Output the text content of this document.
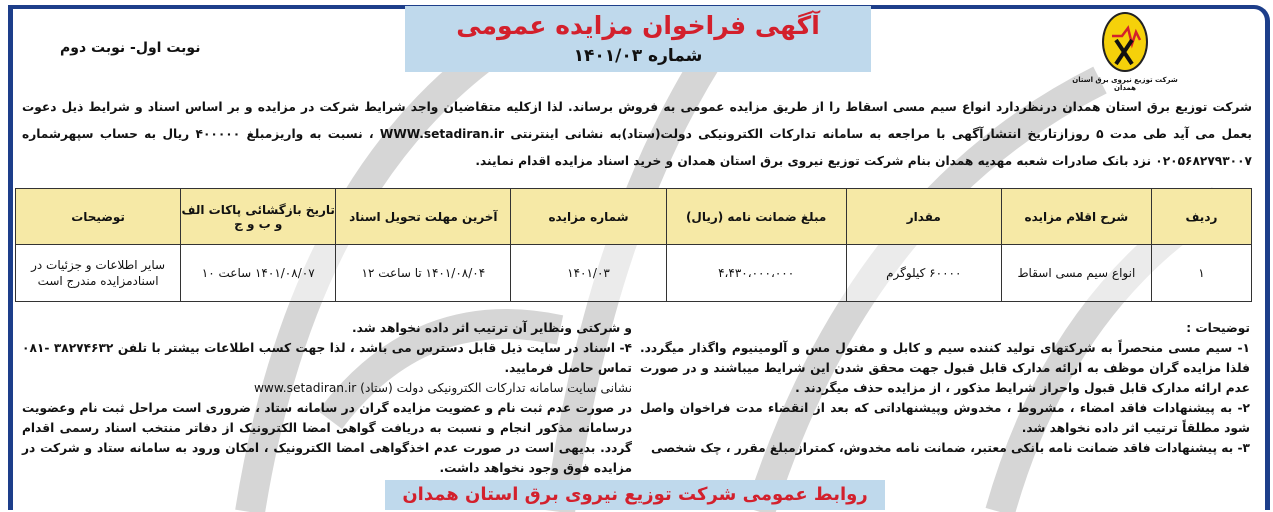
آگهی فراخوان مزایده عمومی
شماره ۱۴۰۱/۰۳
نوبت اول- نوبت دوم
شرکت توزیع نیروی برق استان همدان
شرکت توزیع برق استان همدان درنظردارد انواع سیم مسی اسقاط را از طریق مزایده عمومی به فروش برساند. لذا ازکلیه متقاضیان واجد شرایط شرکت در مزایده و بر اساس اسناد و شرایط ذیل دعوت بعمل می آید طی مدت ۵ روزازتاریخ انتشارآگهی با مراجعه به سامانه تدارکات الکترونیکی دولت(ستاد)به نشانی اینترنتی WWW.setadiran.ir ، نسبت به واریزمبلغ ۴۰۰۰۰۰ ریال به حساب سپهرشماره ۰۲۰۵۶۸۲۷۹۳۰۰۷ نزد بانک صادرات شعبه مهدیه همدان بنام شرکت توزیع نیروی برق استان همدان و خرید اسناد مزایده اقدام نمایند.
ردیف	شرح اقلام مزایده	مقدار	مبلغ ضمانت نامه (ریال)	شماره مزایده	آخرین مهلت تحویل اسناد	تاریخ بازگشائی پاکات الف و ب و ج	توضیحات
۱	انواع سیم مسی اسقاط	۶۰۰۰۰ کیلوگرم	۴،۴۳۰،۰۰۰،۰۰۰	۱۴۰۱/۰۳	۱۴۰۱/۰۸/۰۴ تا ساعت ۱۲	۱۴۰۱/۰۸/۰۷ ساعت ۱۰	سایر اطلاعات و جزئیات در اسنادمزایده مندرج است
توضیحات :
۱- سیم مسی منحصراً به شرکتهای تولید کننده سیم و کابل و مفتول مس و آلومینیوم واگذار میگردد. فلذا مزایده گران موظف به ارائه مدارک قابل قبول جهت محقق شدن این شرایط میباشند و در صورت عدم ارائه مدارک قابل قبول واحراز شرایط مذکور ، از مزایده حذف میگردند .
۲- به پیشنهادات فاقد امضاء ، مشروط ، مخدوش وپیشنهاداتی که بعد از انقضاء مدت فراخوان واصل شود مطلقاً ترتیب اثر داده نخواهد شد.
۳- به پیشنهادات فاقد ضمانت نامه بانکی معتبر، ضمانت نامه مخدوش، کمترازمبلغ مقرر ، چک شخصی
و شرکتی ونظایر آن ترتیب اثر داده نخواهد شد.
۴- اسناد در سایت ذیل قابل دسترس می باشد ، لذا جهت کسب اطلاعات بیشتر با تلفن ۳۸۲۷۴۶۳۲ -۰۸۱ تماس حاصل فرمایید.
نشانی سایت سامانه تدارکات الکترونیکی دولت (ستاد) www.setadiran.ir
در صورت عدم ثبت نام و عضویت مزایده گران در سامانه ستاد ، ضروری است مراحل ثبت نام وعضویت درسامانه مذکور انجام و نسبت به دریافت گواهی امضا الکترونیک از دفاتر منتخب اسناد رسمی اقدام گردد. بدیهی است در صورت عدم اخذگواهی امضا الکترونیک ، امکان ورود به سامانه ستاد و شرکت در مزایده فوق وجود نخواهد داشت.
روابط عمومی شرکت توزیع نیروی برق استان همدان
